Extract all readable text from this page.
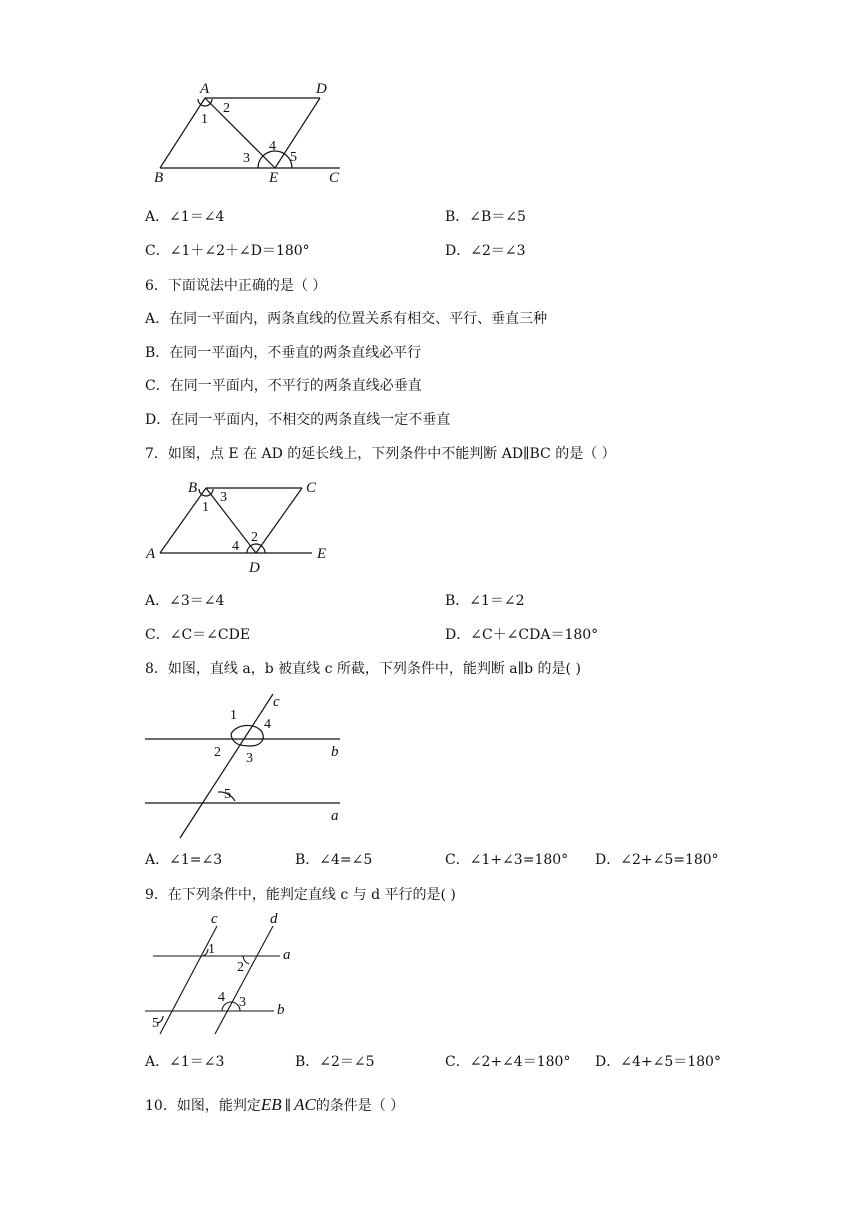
A	D
B	E	C
1
2
3
4
5
A．∠1＝∠4	B．∠B＝∠5
C．∠1＋∠2＋∠D＝180°	D．∠2＝∠3
6．下面说法中正确的是（ ）
A．在同一平面内，两条直线的位置关系有相交、平行、垂直三种
B．在同一平面内，不垂直的两条直线必平行
C．在同一平面内，不平行的两条直线必垂直
D．在同一平面内，不相交的两条直线一定不垂直
7．如图，点 E 在 AD 的延长线上，下列条件中不能判断 AD∥BC 的是（ ）
B	C
A
D
E
1
2
3
4
A．∠3＝∠4	B．∠1＝∠2
C．∠C＝∠CDE	D．∠C＋∠CDA＝180°
8．如图，直线 a，b 被直线 c 所截，下列条件中，能判断 a∥b 的是( )
c
b
a
1
4
2 3
5
A．∠1=∠3	B．∠4=∠5	C．∠1+∠3=180° D．∠2+∠5=180°
9．在下列条件中，能判定直线 c 与 d 平行的是( )
c	d
a
b
1
2
4 3
5
A．∠1＝∠3	B．∠2＝∠5	C．∠2+∠4＝180° D．∠4+∠5＝180°
10．如图，能判定EB ∥ AC的条件是（ ）
